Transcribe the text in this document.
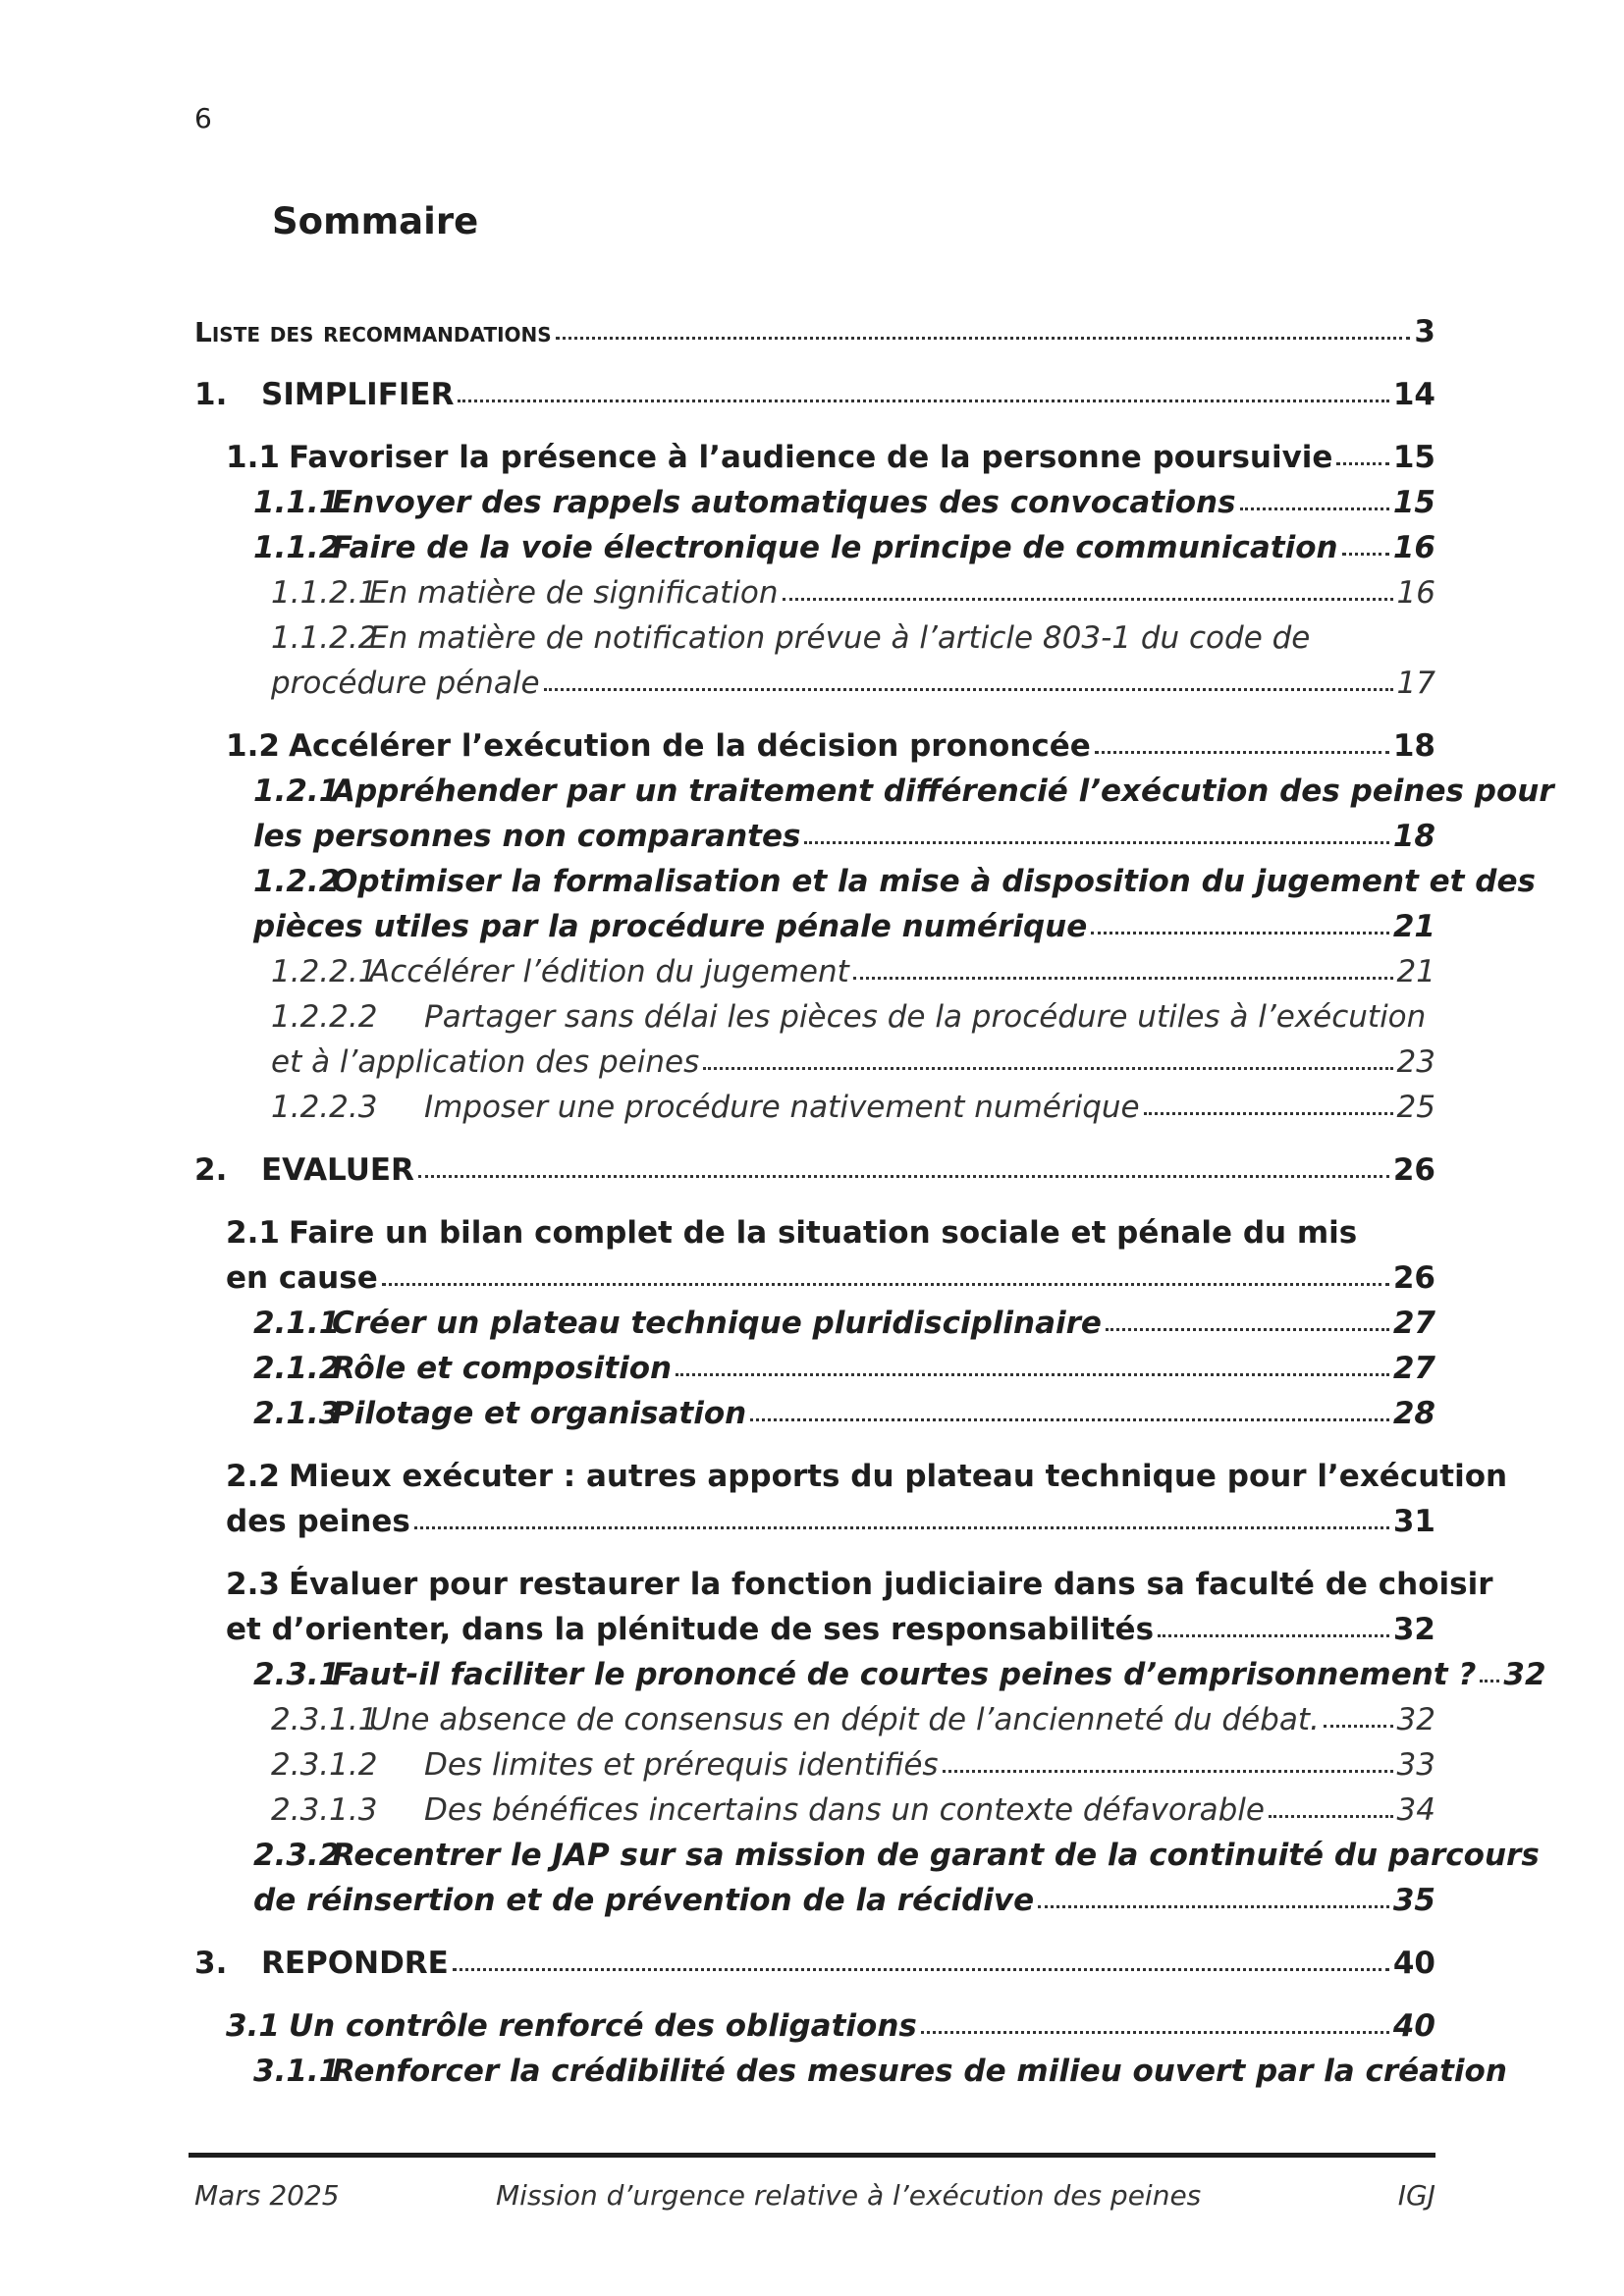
6
Sommaire
Liste des recommandations	3
1. SIMPLIFIER	14
1.1 Favoriser la présence à l’audience de la personne poursuivie 15
1.1.1Envoyer des rappels automatiques des convocations	15
1.1.2Faire de la voie électronique le principe de communication 16
1.1.2.1En matière de signification	16
1.1.2.2En matière de notification prévue à l’article 803-1 du code de
procédure pénale	17
1.2 Accélérer l’exécution de la décision prononcée	18
1.2.1Appréhender par un traitement différencié l’exécution des peines pour
les personnes non comparantes	18
1.2.2Optimiser la formalisation et la mise à disposition du jugement et des
pièces utiles par la procédure pénale numérique	21
1.2.2.1Accélérer l’édition du jugement	21
1.2.2.2 Partager sans délai les pièces de la procédure utiles à l’exécution
et à l’application des peines	23
1.2.2.3 Imposer une procédure nativement numérique	25
2. EVALUER	26
2.1 Faire un bilan complet de la situation sociale et pénale du mis
en cause	26
2.1.1Créer un plateau technique pluridisciplinaire	27
2.1.2Rôle et composition	27
2.1.3Pilotage et organisation	28
2.2 Mieux exécuter : autres apports du plateau technique pour l’exécution
des peines	31
2.3 Évaluer pour restaurer la fonction judiciaire dans sa faculté de choisir
et d’orienter, dans la plénitude de ses responsabilités	32
2.3.1Faut-il faciliter le prononcé de courtes peines d’emprisonnement ? 32
2.3.1.1Une absence de consensus en dépit de l’ancienneté du débat.	32
2.3.1.2 Des limites et prérequis identifiés	33
2.3.1.3 Des bénéfices incertains dans un contexte défavorable	34
2.3.2Recentrer le JAP sur sa mission de garant de la continuité du parcours
de réinsertion et de prévention de la récidive	35
3. REPONDRE	40
3.1 Un contrôle renforcé des obligations	40
3.1.1Renforcer la crédibilité des mesures de milieu ouvert par la création
Mars 2025	Mission d’urgence relative à l’exécution des peines	IGJ
